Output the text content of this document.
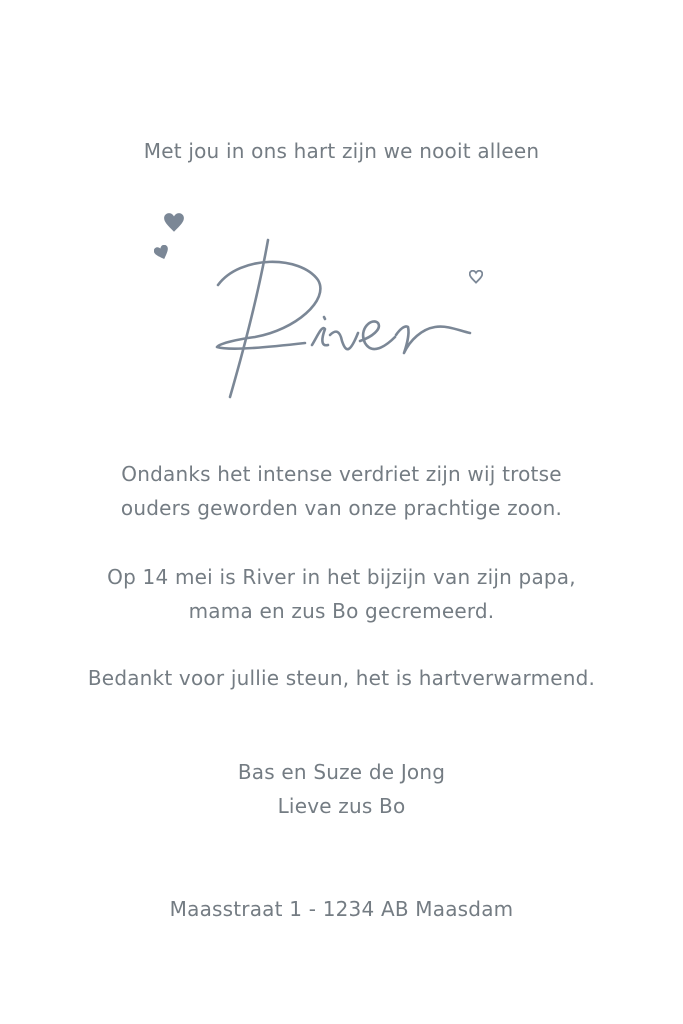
Met jou in ons hart zijn we nooit alleen
Ondanks het intense verdriet zijn wij trotse
ouders geworden van onze prachtige zoon.
Op 14 mei is River in het bijzijn van zijn papa,
mama en zus Bo gecremeerd.
Bedankt voor jullie steun, het is hartverwarmend.
Bas en Suze de Jong
Lieve zus Bo
Maasstraat 1 - 1234 AB Maasdam
